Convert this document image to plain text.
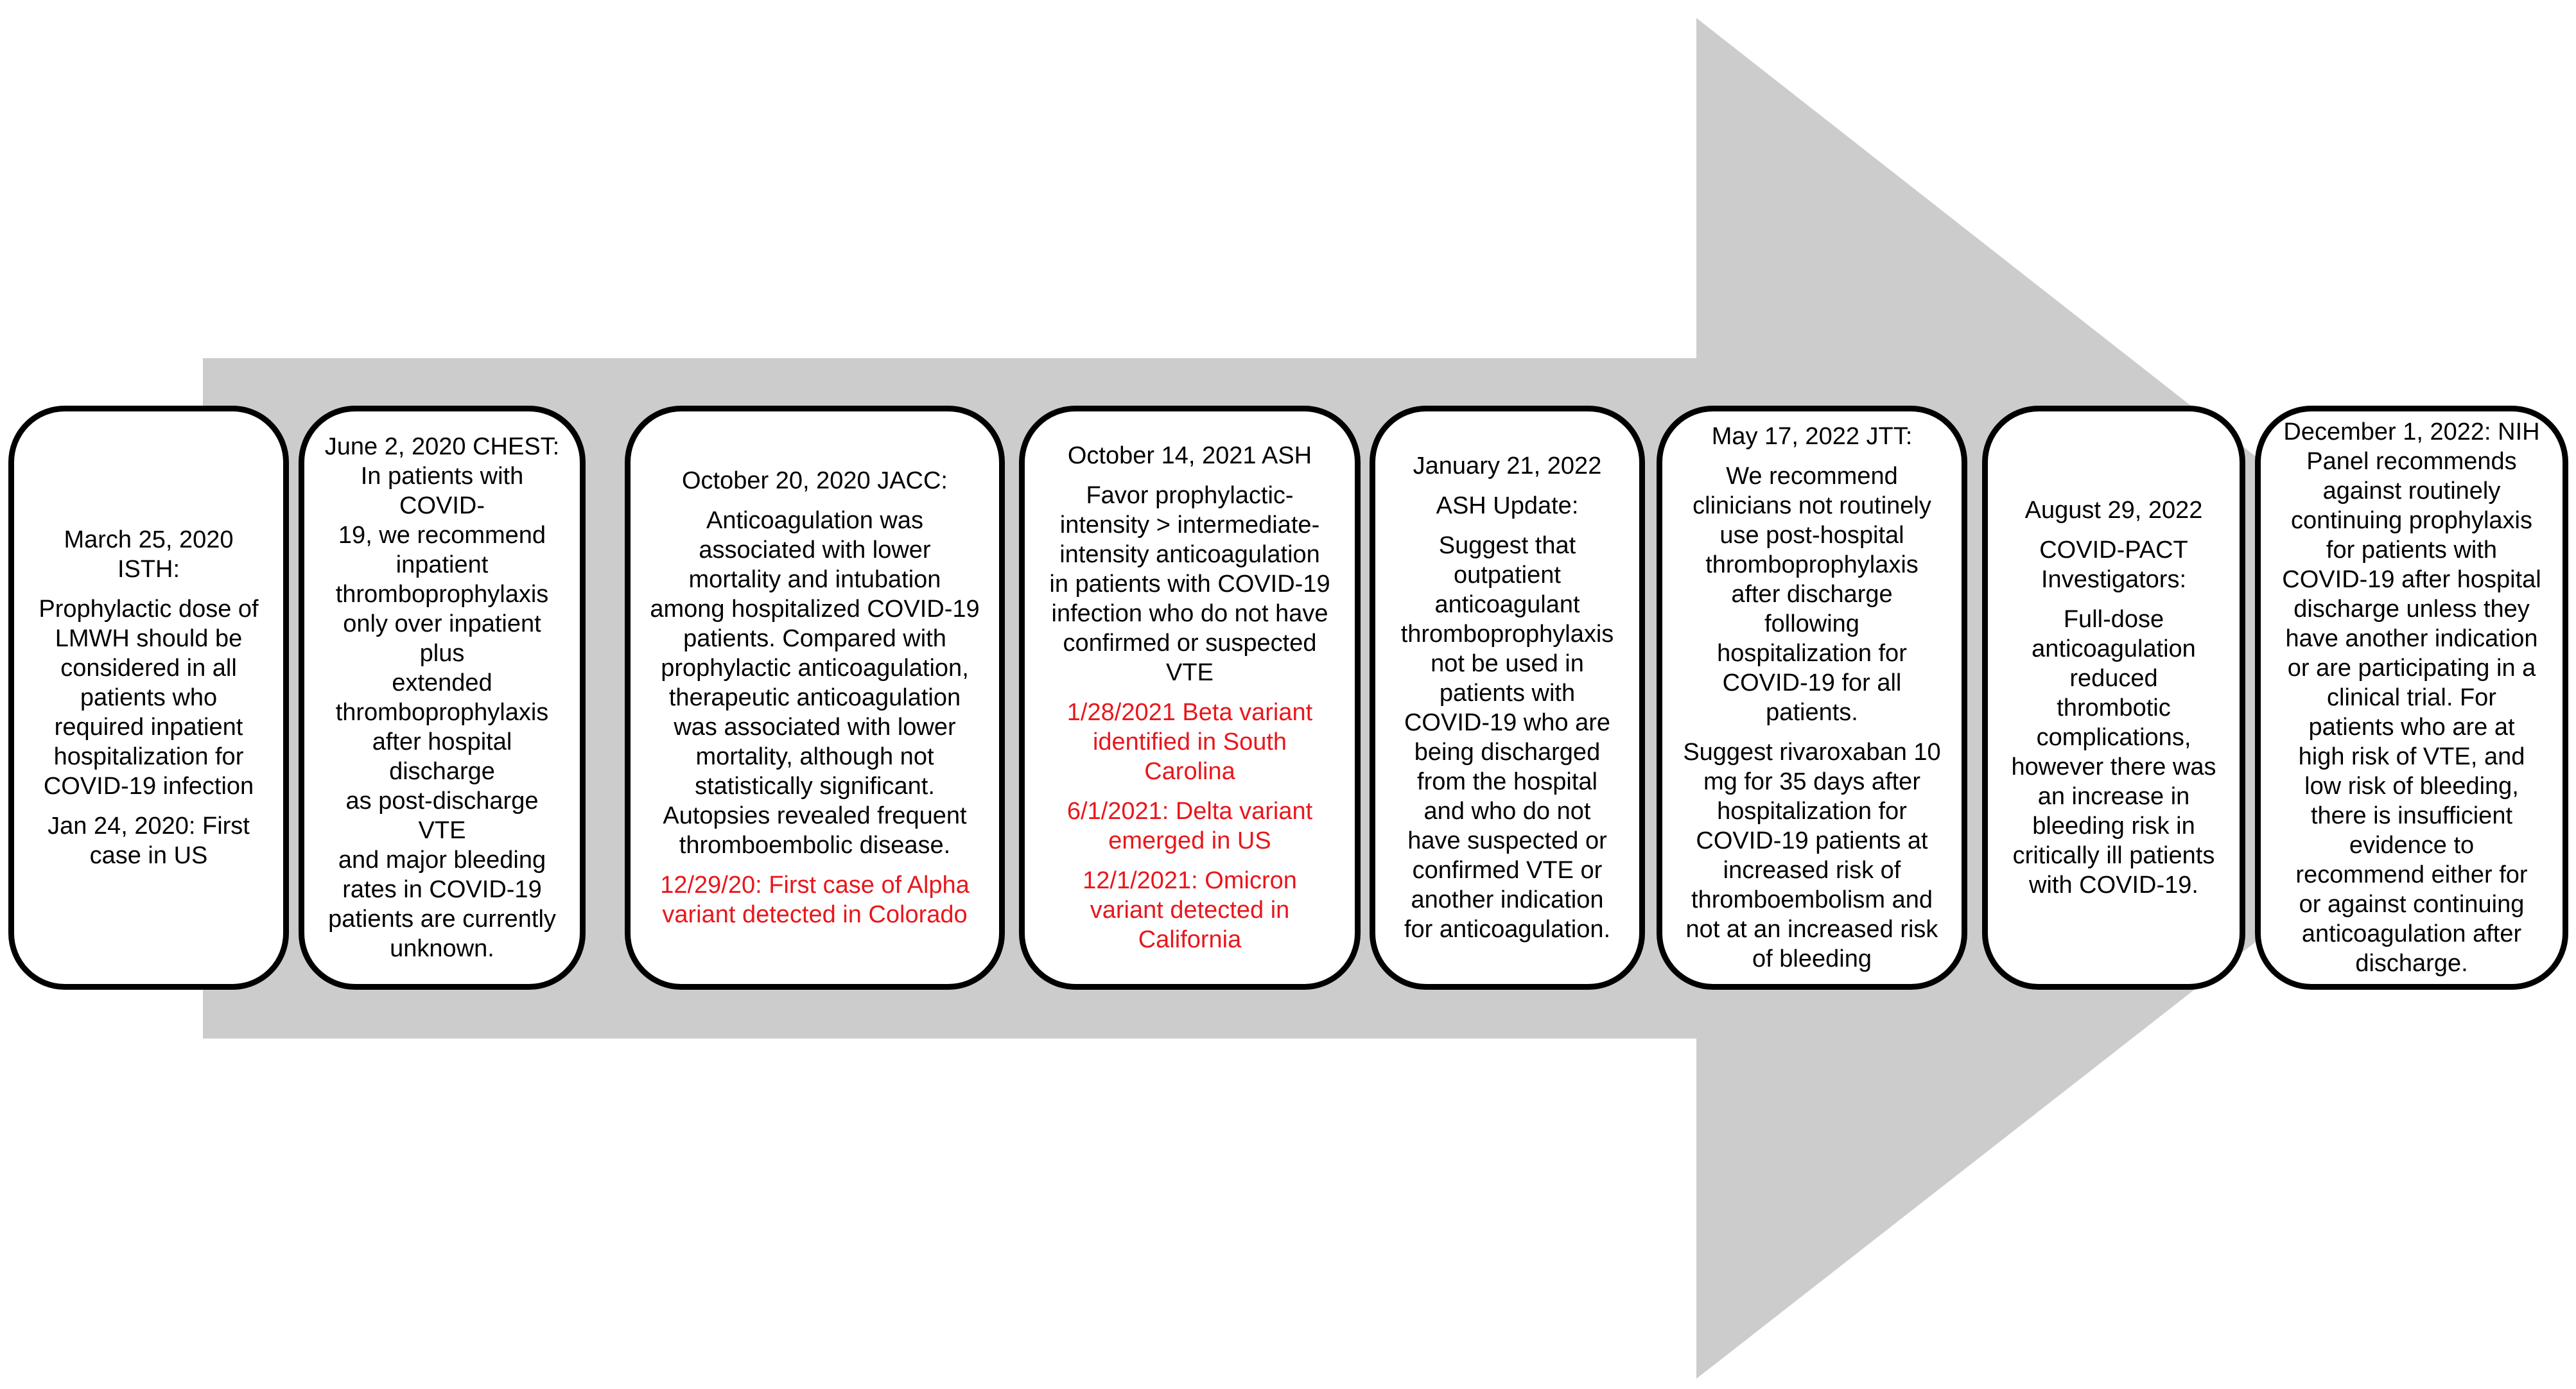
March 25, 2020
ISTH:

Prophylactic dose of
LMWH should be
considered in all
patients who
required inpatient
hospitalization for
COVID-19 infection

Jan 24, 2020: First
case in US

June 2, 2020 CHEST:
In patients with COVID-
19, we recommend
inpatient
thromboprophylaxis
only over inpatient plus
extended
thromboprophylaxis
after hospital discharge
as post-discharge VTE
and major bleeding
rates in COVID-19
patients are currently
unknown.

October 20, 2020 JACC:

Anticoagulation was
associated with lower
mortality and intubation
among hospitalized COVID-19
patients. Compared with
prophylactic anticoagulation,
therapeutic anticoagulation
was associated with lower
mortality, although not
statistically significant.
Autopsies revealed frequent
thromboembolic disease.

12/29/20: First case of Alpha
variant detected in Colorado

October 14, 2021 ASH

Favor prophylactic-
intensity > intermediate-
intensity anticoagulation
in patients with COVID-19
infection who do not have
confirmed or suspected
VTE

1/28/2021 Beta variant
identified in South
Carolina

6/1/2021: Delta variant
emerged in US

12/1/2021: Omicron
variant detected in
California

January 21, 2022

ASH Update:

Suggest that
outpatient
anticoagulant
thromboprophylaxis
not be used in
patients with
COVID-19 who are
being discharged
from the hospital
and who do not
have suspected or
confirmed VTE or
another indication
for anticoagulation.

May 17, 2022 JTT:

We recommend
clinicians not routinely
use post-hospital
thromboprophylaxis
after discharge
following
hospitalization for
COVID-19 for all
patients.

Suggest rivaroxaban 10
mg for 35 days after
hospitalization for
COVID-19 patients at
increased risk of
thromboembolism and
not at an increased risk
of bleeding

August 29, 2022

COVID-PACT
Investigators:

Full-dose
anticoagulation
reduced
thrombotic
complications,
however there was
an increase in
bleeding risk in
critically ill patients
with COVID-19.

December 1, 2022: NIH
Panel recommends
against routinely
continuing prophylaxis
for patients with
COVID-19 after hospital
discharge unless they
have another indication
or are participating in a
clinical trial. For
patients who are at
high risk of VTE, and
low risk of bleeding,
there is insufficient
evidence to
recommend either for
or against continuing
anticoagulation after
discharge.
